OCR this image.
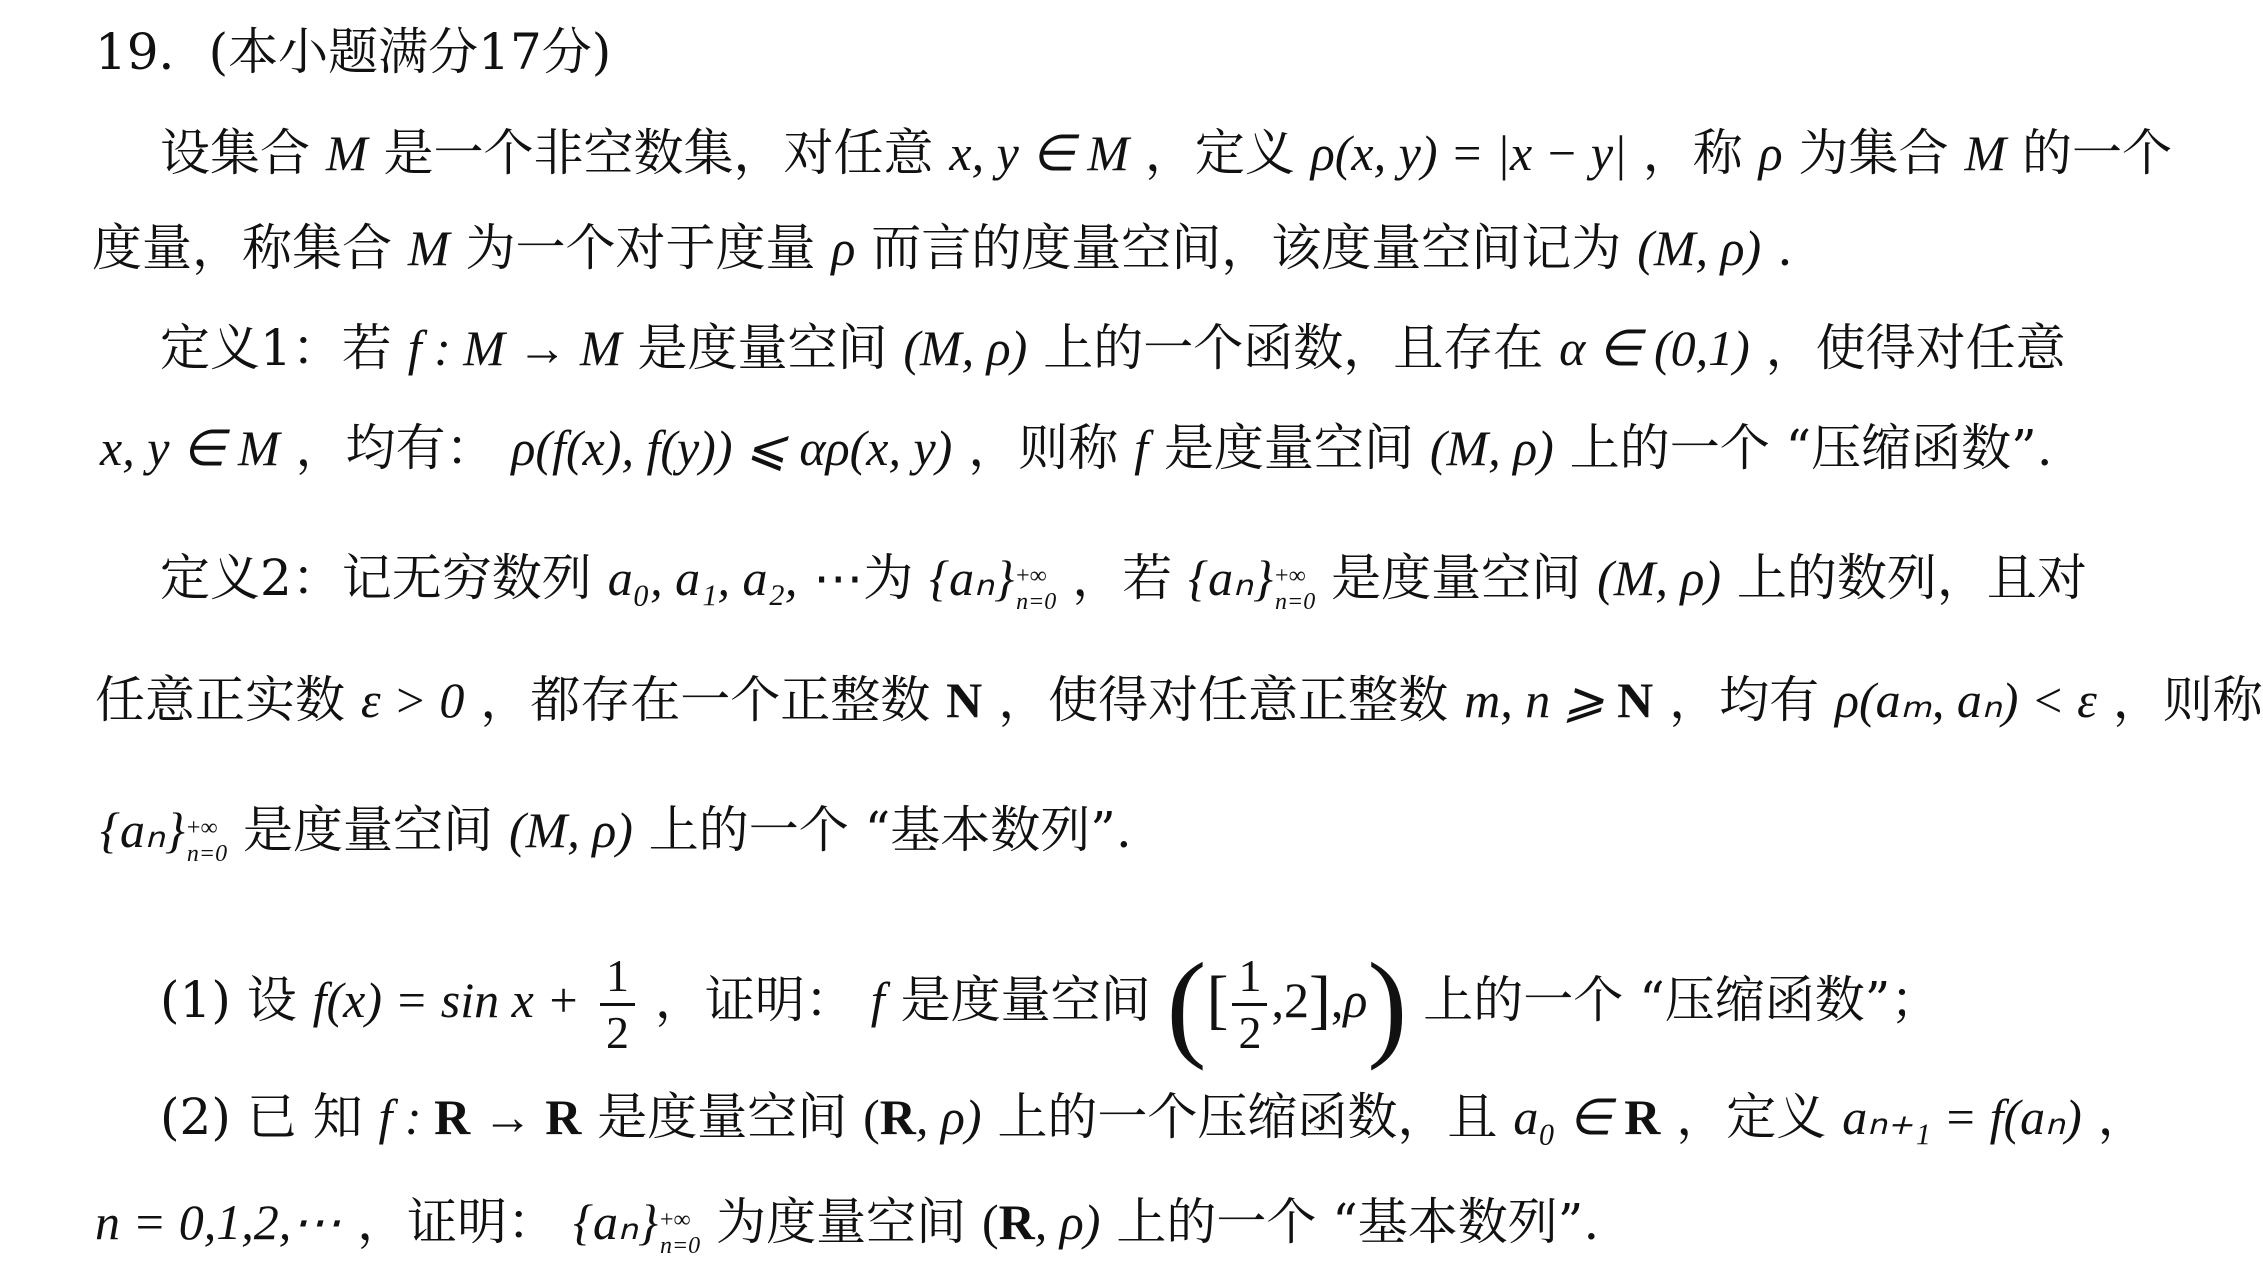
19．(本小题满分17分)
设集合 M 是一个非空数集，对任意 x, y ∈ M ，定义 ρ(x, y) = |x − y| ，称 ρ 为集合 M 的一个
度量，称集合 M 为一个对于度量 ρ 而言的度量空间，该度量空间记为 (M, ρ) .
定义1：若 f : M → M 是度量空间 (M, ρ) 上的一个函数，且存在 α ∈ (0,1) ，使得对任意
x, y ∈ M ，均有： ρ(f(x), f(y)) ⩽ αρ(x, y) ，则称 f 是度量空间 (M, ρ) 上的一个 “压缩函数”.
定义2：记无穷数列 a₀, a₁, a₂, ⋯为 {aₙ} +∞
n=0 ，若 {aₙ} +∞
n=0 是度量空间 (M, ρ) 上的数列，且对
任意正实数 ε > 0 ，都存在一个正整数 N ，使得对任意正整数 m, n ⩾ N ，均有 ρ(aₘ, aₙ) < ε ，则称
{aₙ} +∞
n=0 是度量空间 (M, ρ) 上的一个 “基本数列”.
(1) 设 $f(x) = \sin x + \frac{1}{2}$ ，证明： f 是度量空间 ([ $\frac{1}{2} ,2],\rho$) 上的一个 “压缩函数”；
(2) 已 知 f : R → R 是度量空间 (R, ρ) 上的一个压缩函数，且 a₀ ∈ R ，定义 aₙ₊₁ = f(aₙ) ，
n = 0,1,2,⋯ ，证明： {aₙ} +∞
n=0 为度量空间 (R, ρ) 上的一个 “基本数列”.
